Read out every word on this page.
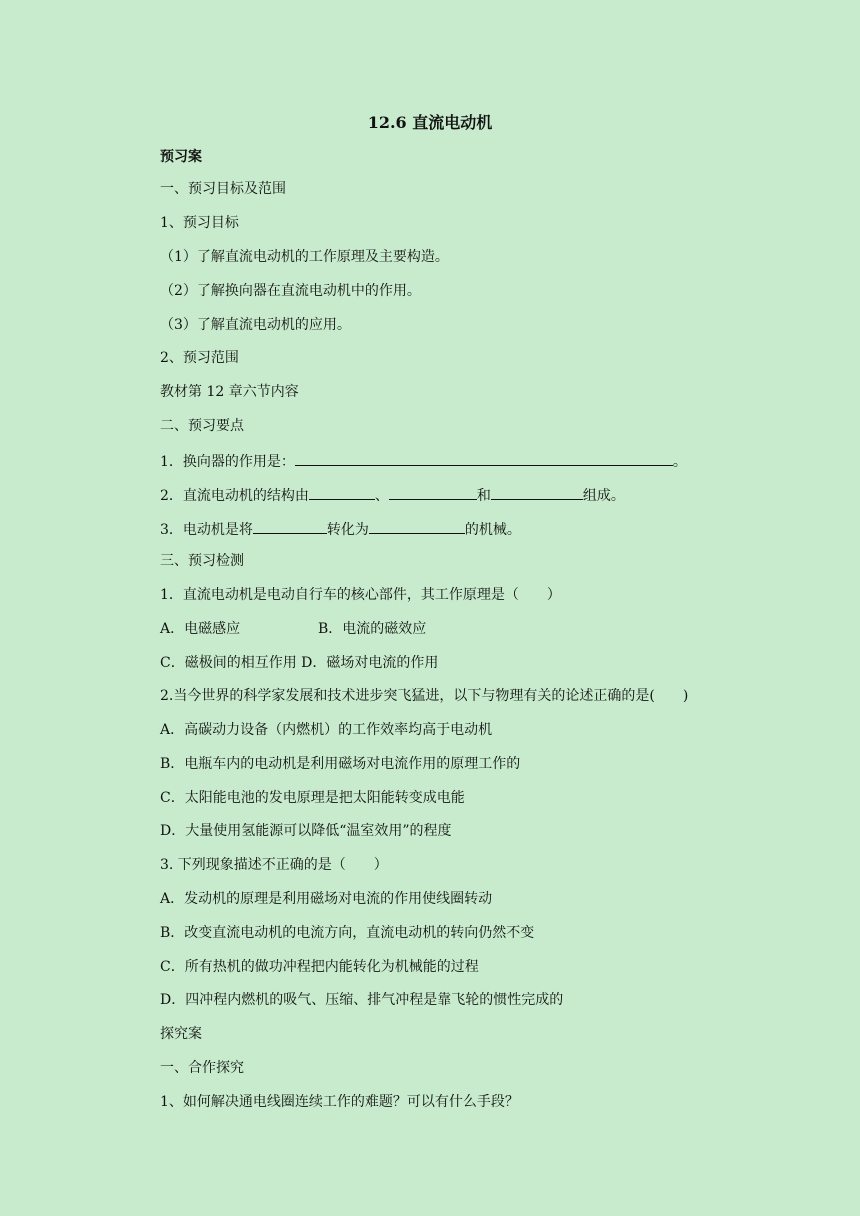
12.6 直流电动机
预习案
一、预习目标及范围
1、预习目标
（1）了解直流电动机的工作原理及主要构造。
（2）了解换向器在直流电动机中的作用。
（3）了解直流电动机的应用。
2、预习范围
教材第 12 章六节内容
二、预习要点
1．换向器的作用是：	。
2．直流电动机的结构由	、	和	组成。
3．电动机是将	转化为	的机械。
三、预习检测
1．直流电动机是电动自行车的核心部件，其工作原理是（　　）
A．电磁感应	B．电流的磁效应
C．磁极间的相互作用 D．磁场对电流的作用
2.当今世界的科学家发展和技术进步突飞猛进，以下与物理有关的论述正确的是(　　)
A．高碳动力设备（内燃机）的工作效率均高于电动机
B．电瓶车内的电动机是利用磁场对电流作用的原理工作的
C．太阳能电池的发电原理是把太阳能转变成电能
D．大量使用氢能源可以降低“温室效用”的程度
3. 下列现象描述不正确的是（　　）
A．发动机的原理是利用磁场对电流的作用使线圈转动
B．改变直流电动机的电流方向，直流电动机的转向仍然不变
C．所有热机的做功冲程把内能转化为机械能的过程
D．四冲程内燃机的吸气、压缩、排气冲程是靠飞轮的惯性完成的
探究案
一、合作探究
1、如何解决通电线圈连续工作的难题？可以有什么手段？
